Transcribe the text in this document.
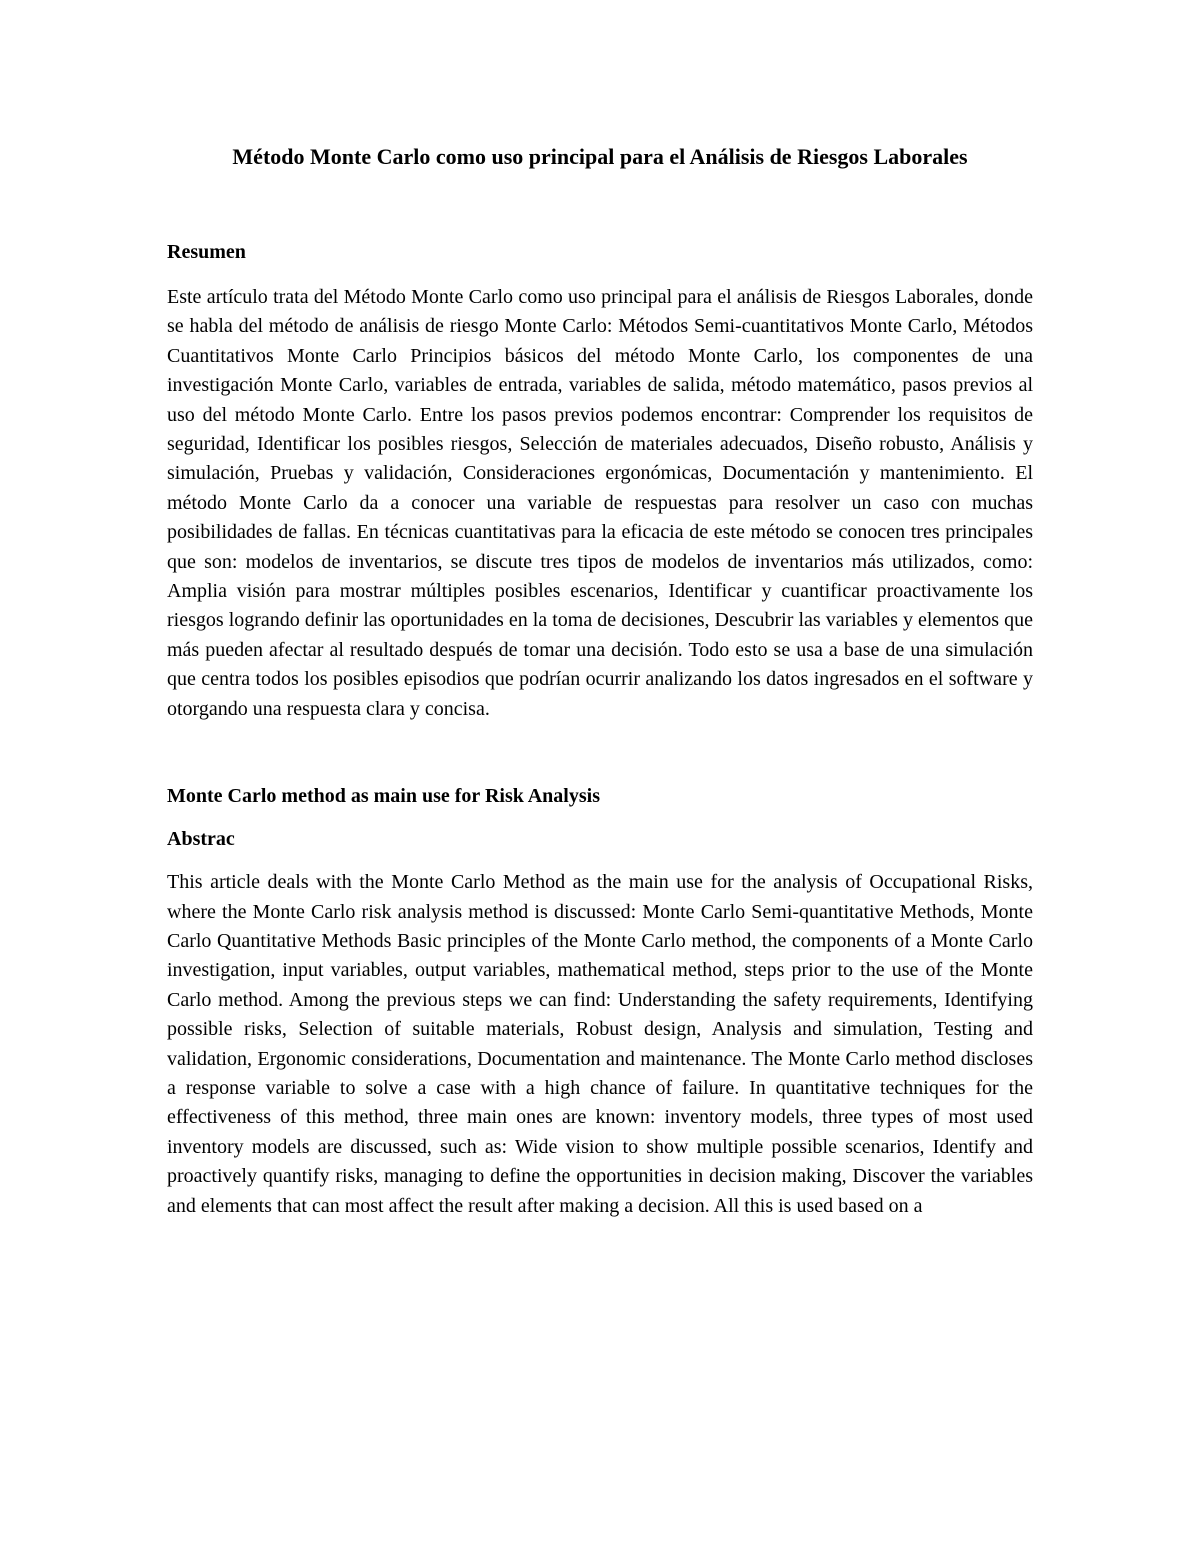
Método Monte Carlo como uso principal para el Análisis de Riesgos Laborales
Resumen

Este artículo trata del Método Monte Carlo como uso principal para el análisis de Riesgos Laborales, donde se habla del método de análisis de riesgo Monte Carlo: Métodos Semi-cuantitativos Monte Carlo, Métodos Cuantitativos Monte Carlo Principios básicos del método Monte Carlo, los componentes de una investigación Monte Carlo, variables de entrada, variables de salida, método matemático, pasos previos al uso del método Monte Carlo. Entre los pasos previos podemos encontrar: Comprender los requisitos de seguridad, Identificar los posibles riesgos, Selección de materiales adecuados, Diseño robusto, Análisis y simulación, Pruebas y validación, Consideraciones ergonómicas, Documentación y mantenimiento. El método Monte Carlo da a conocer una variable de respuestas para resolver un caso con muchas posibilidades de fallas. En técnicas cuantitativas para la eficacia de este método se conocen tres principales que son: modelos de inventarios, se discute tres tipos de modelos de inventarios más utilizados, como: Amplia visión para mostrar múltiples posibles escenarios, Identificar y cuantificar proactivamente los riesgos logrando definir las oportunidades en la toma de decisiones, Descubrir las variables y elementos que más pueden afectar al resultado después de tomar una decisión. Todo esto se usa a base de una simulación que centra todos los posibles episodios que podrían ocurrir analizando los datos ingresados en el software y otorgando una respuesta clara y concisa.

Monte Carlo method as main use for Risk Analysis
Abstrac

This article deals with the Monte Carlo Method as the main use for the analysis of Occupational Risks, where the Monte Carlo risk analysis method is discussed: Monte Carlo Semi-quantitative Methods, Monte Carlo Quantitative Methods Basic principles of the Monte Carlo method, the components of a Monte Carlo investigation, input variables, output variables, mathematical method, steps prior to the use of the Monte Carlo method. Among the previous steps we can find: Understanding the safety requirements, Identifying possible risks, Selection of suitable materials, Robust design, Analysis and simulation, Testing and validation, Ergonomic considerations, Documentation and maintenance. The Monte Carlo method discloses a response variable to solve a case with a high chance of failure. In quantitative techniques for the effectiveness of this method, three main ones are known: inventory models, three types of most used inventory models are discussed, such as: Wide vision to show multiple possible scenarios, Identify and proactively quantify risks, managing to define the opportunities in decision making, Discover the variables and elements that can most affect the result after making a decision. All this is used based on a
